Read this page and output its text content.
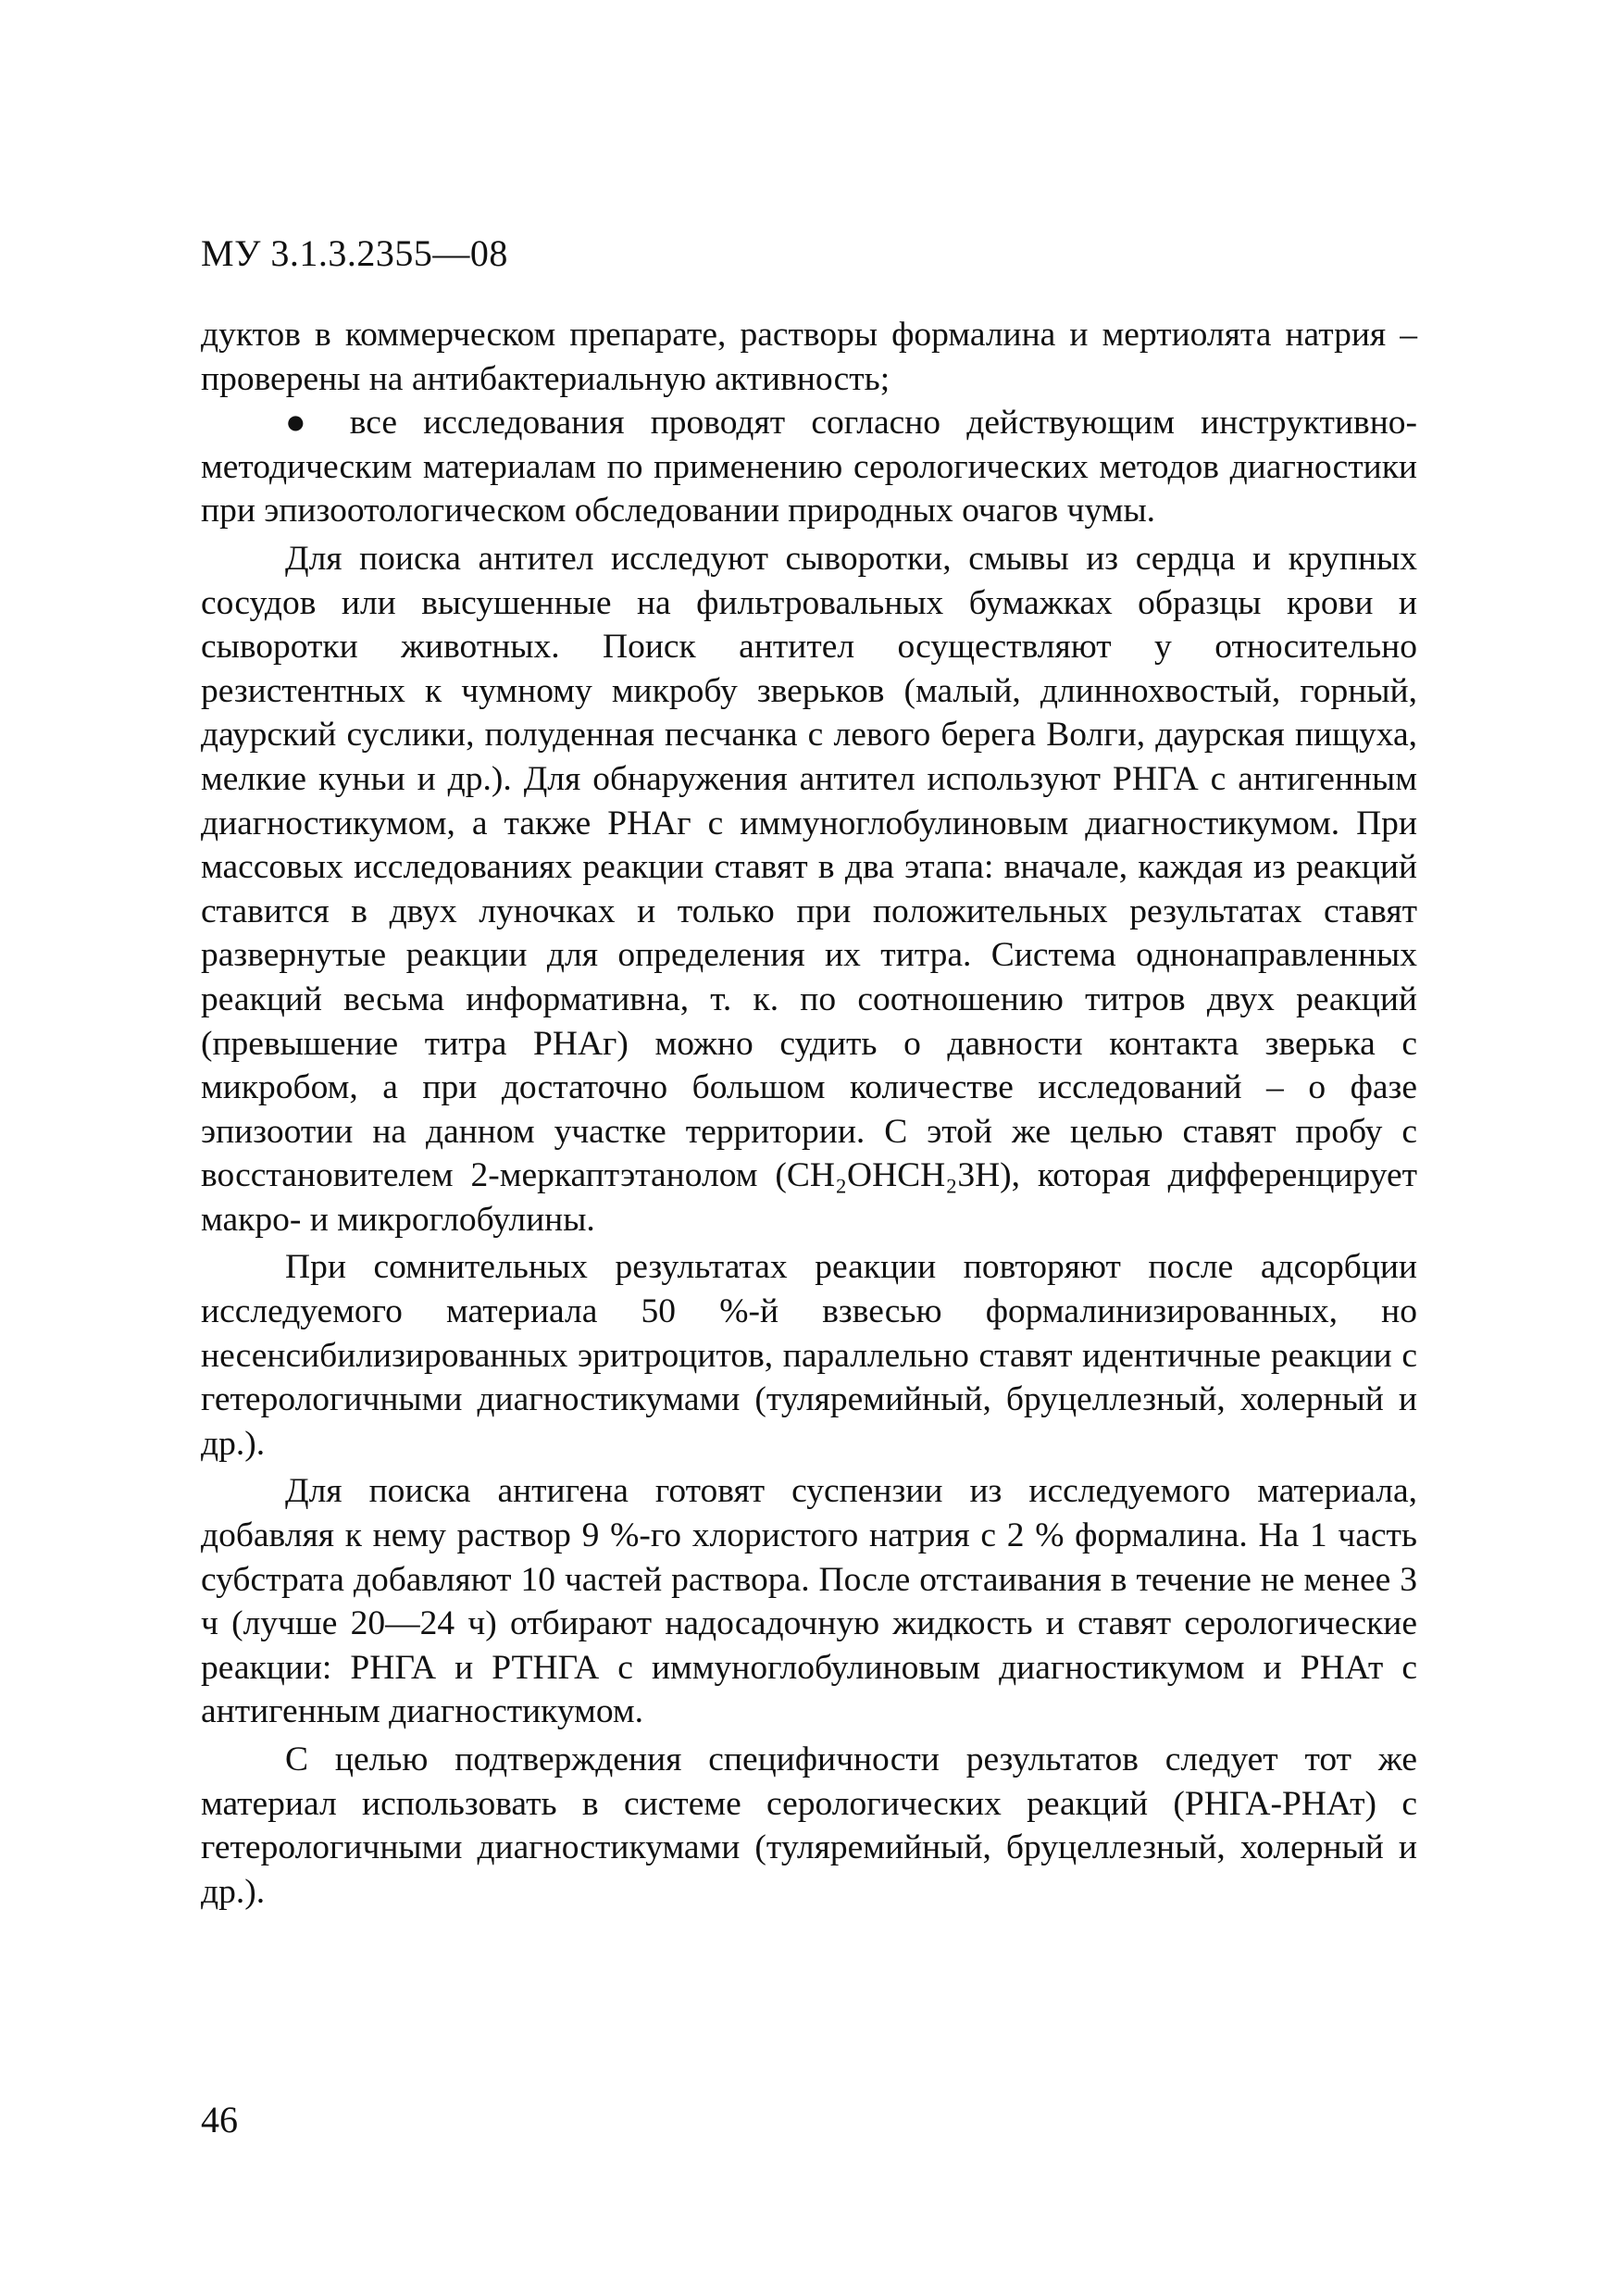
МУ 3.1.3.2355—08

дуктов в коммерческом препарате, растворы формалина и мертиолята натрия – проверены на антибактериальную активность;

● все исследования проводят согласно действующим инструктивно-методическим материалам по применению серологических методов диагностики при эпизоотологическом обследовании природных очагов чумы.

Для поиска антител исследуют сыворотки, смывы из сердца и крупных сосудов или высушенные на фильтровальных бумажках образцы крови и сыворотки животных. Поиск антител осуществляют у относительно резистентных к чумному микробу зверьков (малый, длиннохвостый, горный, даурский суслики, полуденная песчанка с левого берега Волги, даурская пищуха, мелкие куньи и др.). Для обнаружения антител используют РНГА с антигенным диагностикумом, а также РНАг с иммуноглобулиновым диагностикумом. При массовых исследованиях реакции ставят в два этапа: вначале, каждая из реакций ставится в двух луночках и только при положительных результатах ставят развернутые реакции для определения их титра. Система однонаправленных реакций весьма информативна, т. к. по соотношению титров двух реакций (превышение титра РНАг) можно судить о давности контакта зверька с микробом, а при достаточно большом количестве исследований – о фазе эпизоотии на данном участке территории. С этой же целью ставят пробу с восстановителем 2-меркаптэтанолом (CH₂OHCH₂3H), которая дифференцирует макро- и микроглобулины.

При сомнительных результатах реакции повторяют после адсорбции исследуемого материала 50 %-й взвесью формалинизированных, но несенсибилизированных эритроцитов, параллельно ставят идентичные реакции с гетерологичными диагностикумами (туляремийный, бруцеллезный, холерный и др.).

Для поиска антигена готовят суспензии из исследуемого материала, добавляя к нему раствор 9 %-го хлористого натрия с 2 % формалина. На 1 часть субстрата добавляют 10 частей раствора. После отстаивания в течение не менее 3 ч (лучше 20—24 ч) отбирают надосадочную жидкость и ставят серологические реакции: РНГА и РТНГА с иммуноглобулиновым диагностикумом и РНАт с антигенным диагностикумом.

С целью подтверждения специфичности результатов следует тот же материал использовать в системе серологических реакций (РНГА-РНАт) с гетерологичными диагностикумами (туляремийный, бруцеллезный, холерный и др.).

46
